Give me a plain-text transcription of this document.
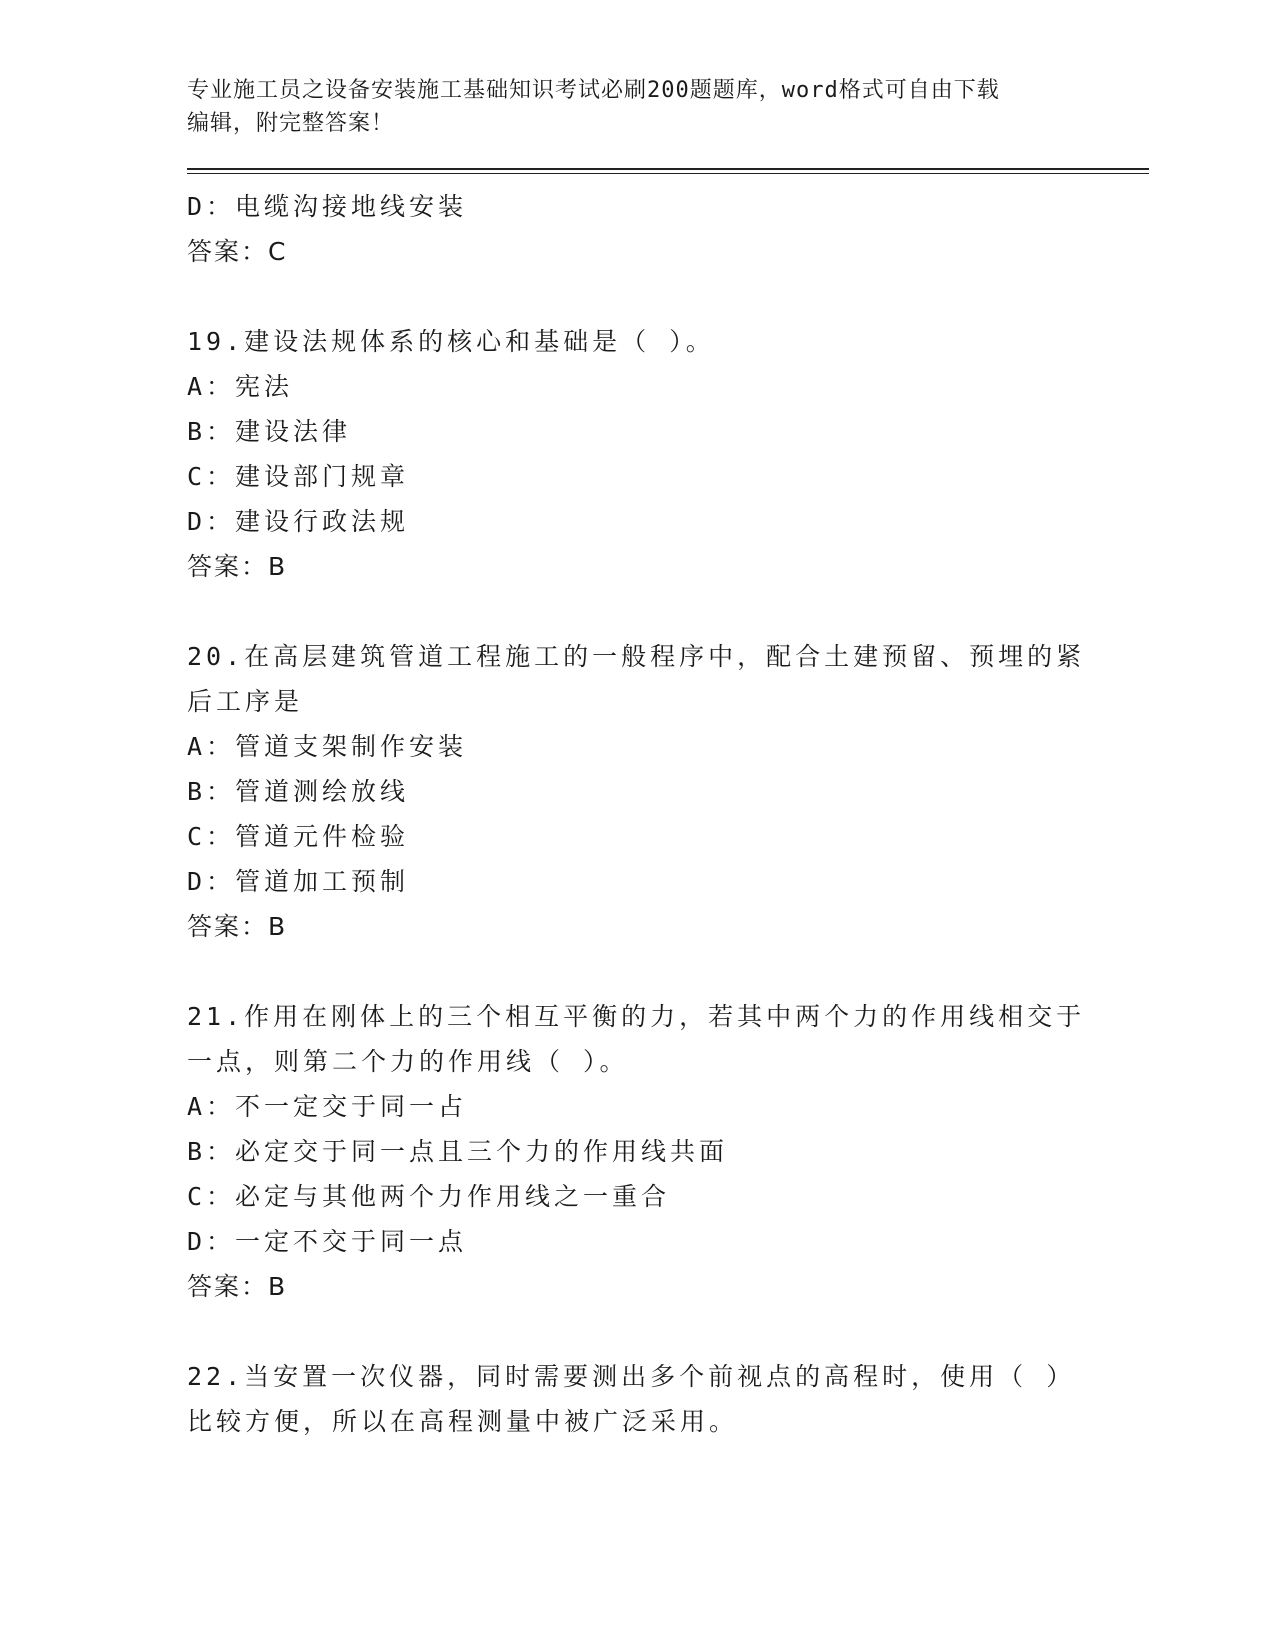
专业施工员之设备安装施工基础知识考试必刷200题题库，word格式可自由下载

编辑，附完整答案！

D：电缆沟接地线安装

答案：C

19.建设法规体系的核心和基础是（ ）。

A：宪法

B：建设法律

C：建设部门规章

D：建设行政法规

答案：B

20.在高层建筑管道工程施工的一般程序中，配合土建预留、预埋的紧

后工序是

A：管道支架制作安装

B：管道测绘放线

C：管道元件检验

D：管道加工预制

答案：B

21.作用在刚体上的三个相互平衡的力，若其中两个力的作用线相交于

一点，则第二个力的作用线（ ）。

A：不一定交于同一占

B：必定交于同一点且三个力的作用线共面

C：必定与其他两个力作用线之一重合

D：一定不交于同一点

答案：B

22.当安置一次仪器，同时需要测出多个前视点的高程时，使用（ ）

比较方便，所以在高程测量中被广泛采用。
